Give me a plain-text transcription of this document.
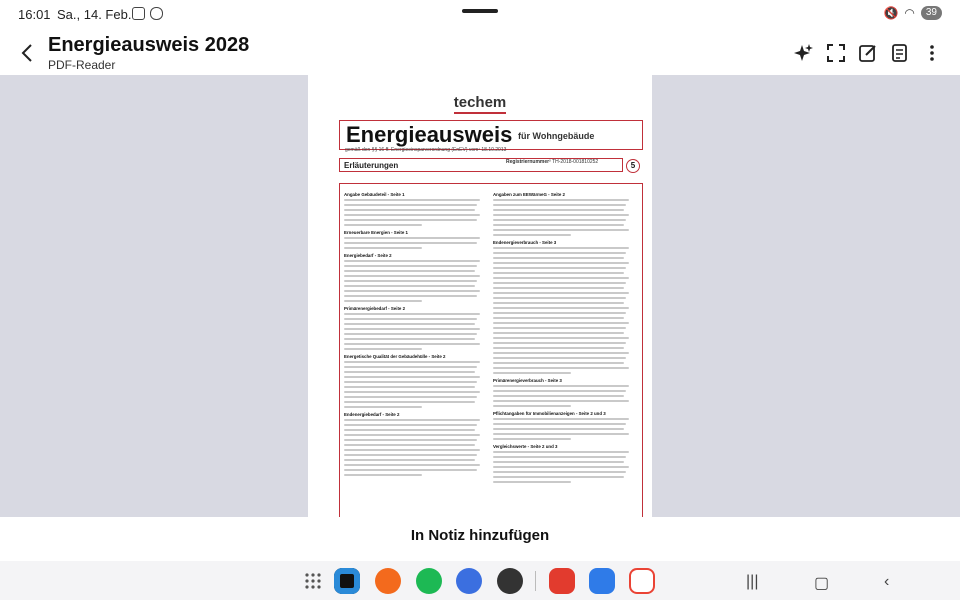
16:01 Sa., 14. Feb.	🔇 ◠	39
Energieausweis 2028
PDF-Reader
techem
Energieausweis für Wohngebäude
gemäß den §§ 16 ff. Energieeinsparverordnung (EnEV) vom¹ 18.10.2013
Erläuterungen	Registriernummer² TH-2018-001810252	5
Angabe Gebäudeteil - Seite 1
Erneuerbare Energien - Seite 1
Energiebedarf - Seite 2
Primärenergiebedarf - Seite 2
Energetische Qualität der Gebäudehülle - Seite 2
Endenergiebedarf - Seite 2
Angaben zum EEWärmeG - Seite 2
Endenergieverbrauch - Seite 3
Primärenergieverbrauch - Seite 3
Pflichtangaben für Immobilienanzeigen - Seite 2 und 3
Vergleichswerte - Seite 2 und 3
In Notiz hinzufügen
|||	▢	‹
